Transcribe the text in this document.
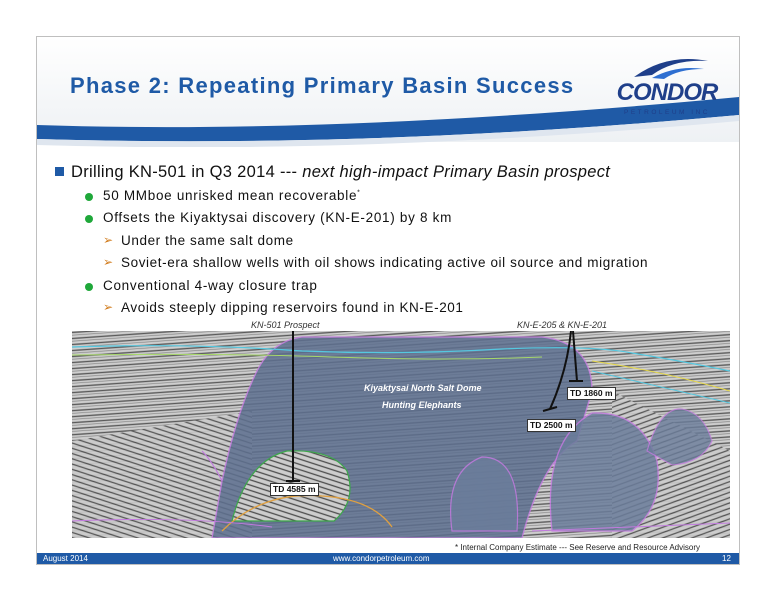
Phase 2: Repeating Primary Basin Success CONDOR
PETROLEUM INC
Drilling KN-501 in Q3 2014 --- next high-impact Primary Basin prospect
50 MMboe unrisked mean recoverable*
Offsets the Kiyaktysai discovery (KN-E-201) by 8 km
➢ Under the same salt dome
➢ Soviet-era shallow wells with oil shows indicating active oil source and migration
Conventional 4-way closure trap
➢ Avoids steeply dipping reservoirs found in KN-E-201
KN-501 Prospect	KN-E-205 & KN-E-201
Kiyaktysai North Salt Dome
Hunting Elephants
TD 4585 m
TD 1860 m
TD 2500 m
* Internal Company Estimate --- See Reserve and Resource Advisory
August 2014	www.condorpetroleum.com	12
